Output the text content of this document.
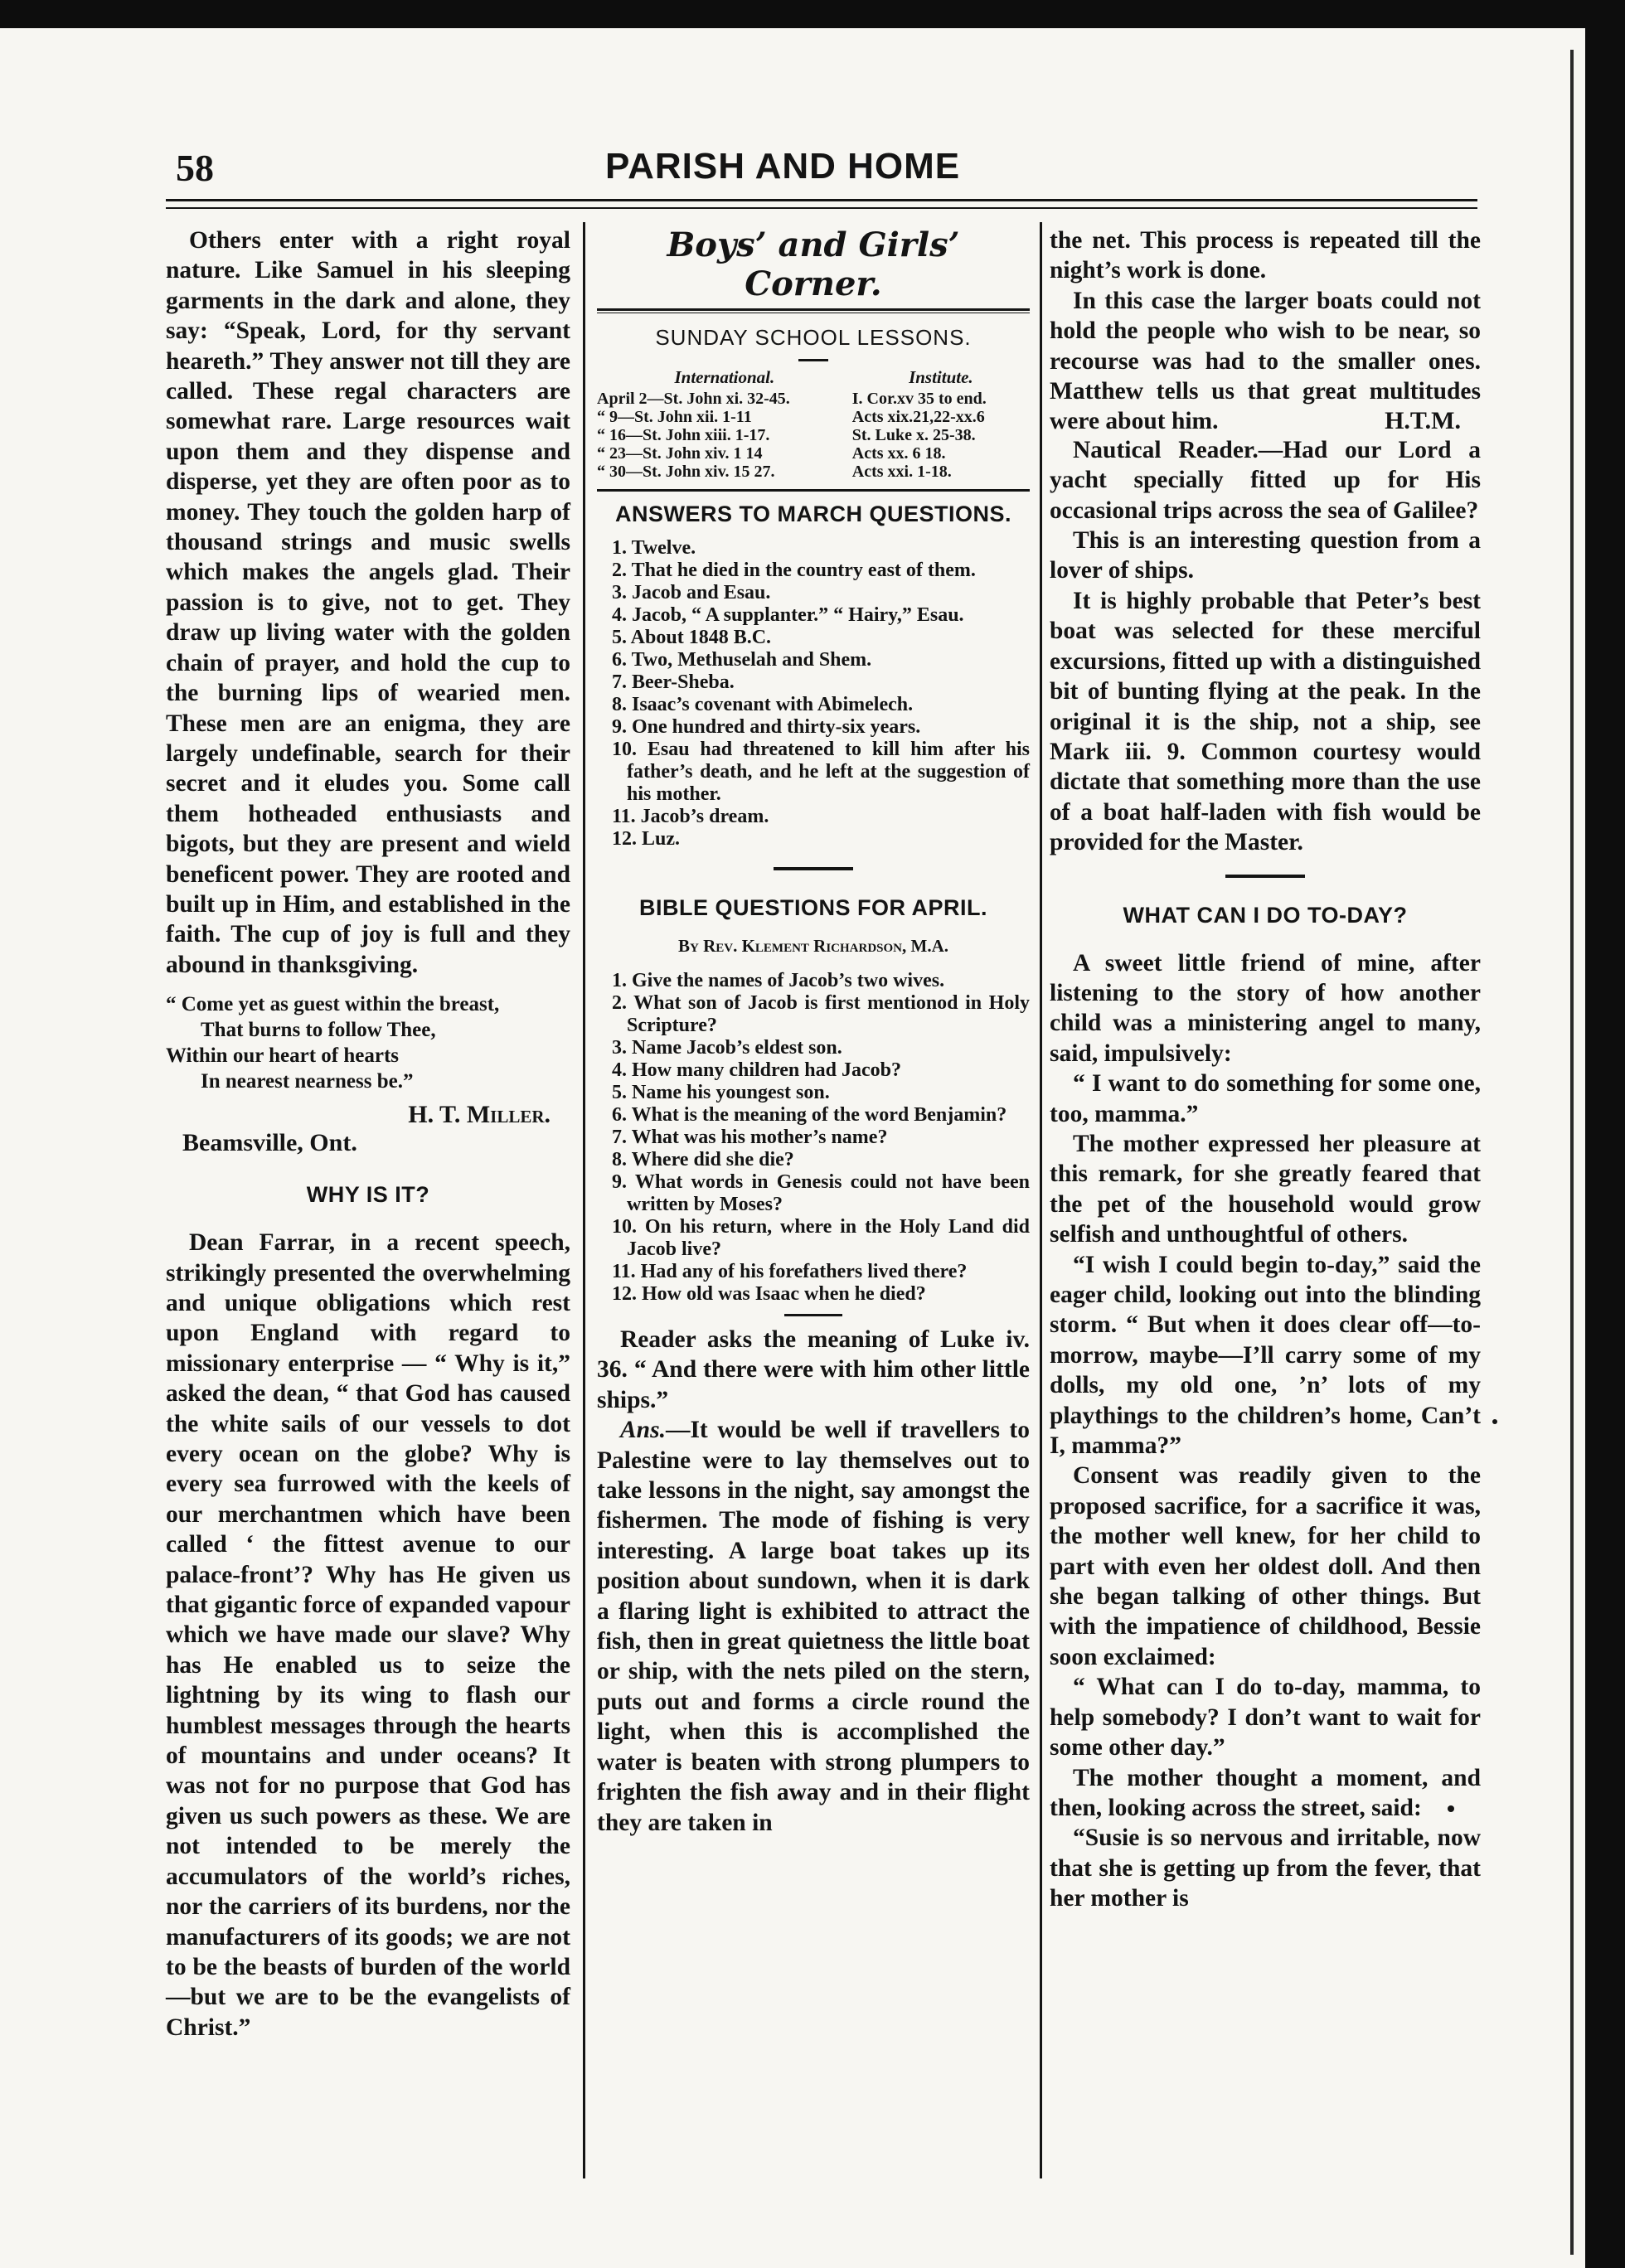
58	PARISH AND HOME

Others enter with a right royal nature. Like Samuel in his sleeping garments in the dark and alone, they say: “Speak, Lord, for thy servant heareth.” They answer not till they are called. These regal characters are somewhat rare. Large resources wait upon them and they dispense and disperse, yet they are often poor as to money. They touch the golden harp of thousand strings and music swells which makes the angels glad. Their passion is to give, not to get. They draw up living water with the golden chain of prayer, and hold the cup to the burning lips of wearied men. These men are an enigma, they are largely undefinable, search for their secret and it eludes you. Some call them hotheaded enthusiasts and bigots, but they are present and wield beneficent power. They are rooted and built up in Him, and established in the faith. The cup of joy is full and they abound in thanksgiving.

“ Come yet as guest within the breast,
That burns to follow Thee,
Within our heart of hearts
In nearest nearness be.”
H. T. Miller.
Beamsville, Ont.
WHY IS IT?

Dean Farrar, in a recent speech, strikingly presented the overwhelming and unique obligations which rest upon England with regard to missionary enterprise — “ Why is it,” asked the dean, “ that God has caused the white sails of our vessels to dot every ocean on the globe? Why is every sea furrowed with the keels of our merchantmen which have been called ‘ the fittest avenue to our palace-front’? Why has He given us that gigantic force of expanded vapour which we have made our slave? Why has He enabled us to seize the lightning by its wing to flash our humblest messages through the hearts of mountains and under oceans? It was not for no purpose that God has given us such powers as these. We are not intended to be merely the accumulators of the world’s riches, nor the carriers of its burdens, nor the manufacturers of its goods; we are not to be the beasts of burden of the world—but we are to be the evangelists of Christ.”

Boys’ and Girls’ Corner.
SUNDAY SCHOOL LESSONS.
International.	Institute.
April 2—St. John xi. 32-45.	I. Cor.xv 35 to end.
“ 9—St. John xii. 1-11	Acts xix.21,22-xx.6
“ 16—St. John xiii. 1-17.	St. Luke x. 25-38.
“ 23—St. John xiv. 1 14	Acts xx. 6 18.
“ 30—St. John xiv. 15 27.	Acts xxi. 1-18.
ANSWERS TO MARCH QUESTIONS.
1. Twelve.
2. That he died in the country east of them.
3. Jacob and Esau.
4. Jacob, “ A supplanter.” “ Hairy,” Esau.
5. About 1848 B.C.
6. Two, Methuselah and Shem.
7. Beer-Sheba.
8. Isaac’s covenant with Abimelech.
9. One hundred and thirty-six years.
10. Esau had threatened to kill him after his father’s death, and he left at the suggestion of his mother.
11. Jacob’s dream.
12. Luz.
BIBLE QUESTIONS FOR APRIL.
By Rev. Klement Richardson, M.A.
1. Give the names of Jacob’s two wives.
2. What son of Jacob is first mentionod in Holy Scripture?
3. Name Jacob’s eldest son.
4. How many children had Jacob?
5. Name his youngest son.
6. What is the meaning of the word Benjamin?
7. What was his mother’s name?
8. Where did she die?
9. What words in Genesis could not have been written by Moses?
10. On his return, where in the Holy Land did Jacob live?
11. Had any of his forefathers lived there?
12. How old was Isaac when he died?

Reader asks the meaning of Luke iv. 36. “ And there were with him other little ships.”

Ans.—It would be well if travellers to Palestine were to lay themselves out to take lessons in the night, say amongst the fishermen. The mode of fishing is very interesting. A large boat takes up its position about sundown, when it is dark a flaring light is exhibited to attract the fish, then in great quietness the little boat or ship, with the nets piled on the stern, puts out and forms a circle round the light, when this is accomplished the water is beaten with strong plumpers to frighten the fish away and in their flight they are taken in

the net. This process is repeated till the night’s work is done.

In this case the larger boats could not hold the people who wish to be near, so recourse was had to the smaller ones. Matthew tells us that great multitudes were about him.	H.T.M.

Nautical Reader.—Had our Lord a yacht specially fitted up for His occasional trips across the sea of Galilee?

This is an interesting question from a lover of ships.

It is highly probable that Peter’s best boat was selected for these merciful excursions, fitted up with a distinguished bit of bunting flying at the peak. In the original it is the ship, not a ship, see Mark iii. 9. Common courtesy would dictate that something more than the use of a boat half-laden with fish would be provided for the Master.

WHAT CAN I DO TO-DAY?

A sweet little friend of mine, after listening to the story of how another child was a ministering angel to many, said, impulsively:

“ I want to do something for some one, too, mamma.”

The mother expressed her pleasure at this remark, for she greatly feared that the pet of the household would grow selfish and unthoughtful of others.

“I wish I could begin to-day,” said the eager child, looking out into the blinding storm. “ But when it does clear off—to-morrow, maybe—I’ll carry some of my dolls, my old one, ’n’ lots of my playthings to the children’s home, Can’t I, mamma?”

Consent was readily given to the proposed sacrifice, for a sacrifice it was, the mother well knew, for her child to part with even her oldest doll. And then she began talking of other things. But with the impatience of childhood, Bessie soon exclaimed:

“ What can I do to-day, mamma, to help somebody? I don’t want to wait for some other day.”

The mother thought a moment, and then, looking across the street, said:

“Susie is so nervous and irritable, now that she is getting up from the fever, that her mother is
